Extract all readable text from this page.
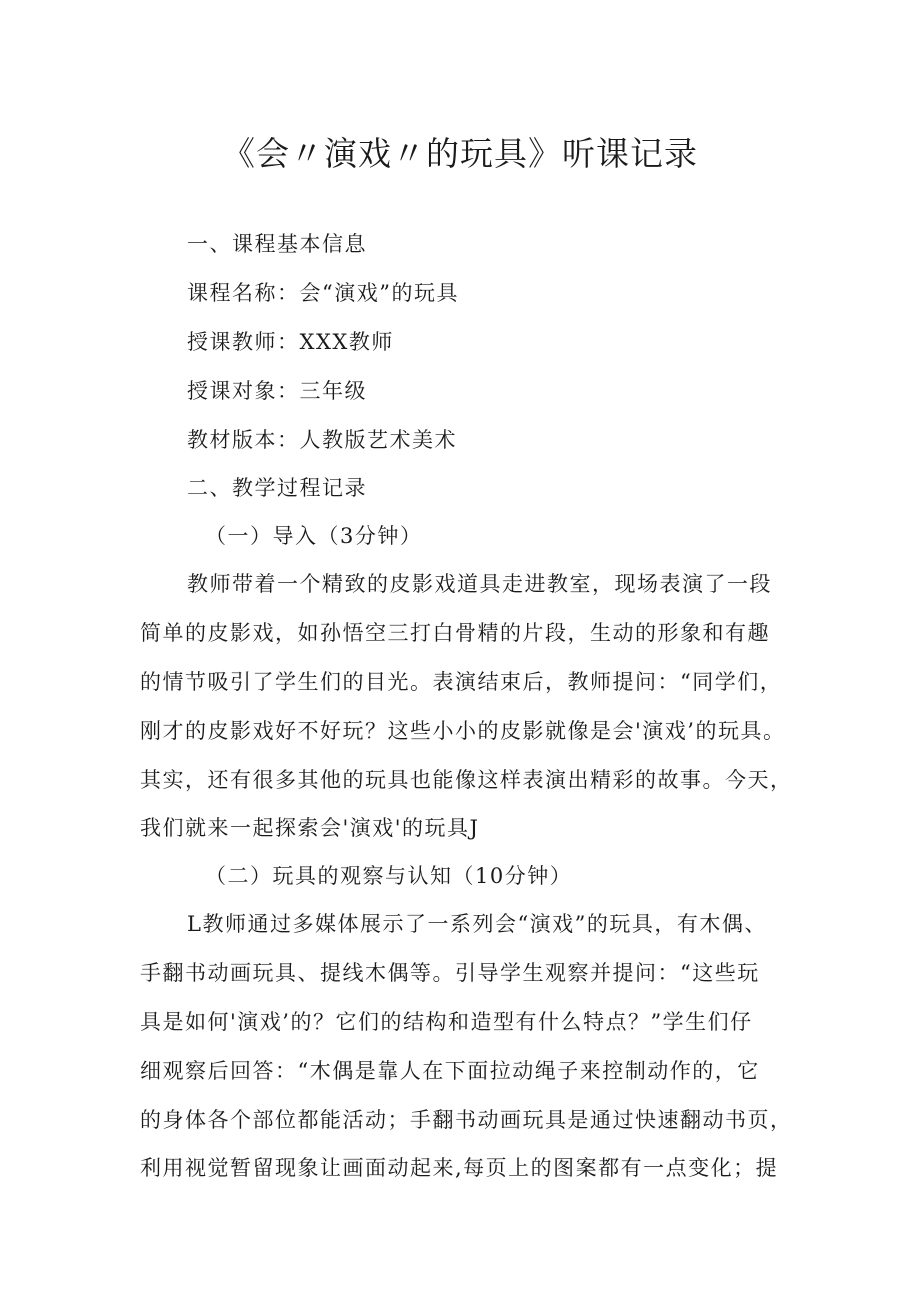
《会〃演戏〃的玩具》听课记录

一、课程基本信息

课程名称：会“演戏”的玩具

授课教师：XXX教师

授课对象：三年级

教材版本：人教版艺术美术

二、教学过程记录

（一）导入（3分钟）

教师带着一个精致的皮影戏道具走进教室，现场表演了一段

简单的皮影戏，如孙悟空三打白骨精的片段，生动的形象和有趣

的情节吸引了学生们的目光。表演结束后，教师提问：“同学们，

刚才的皮影戏好不好玩？这些小小的皮影就像是会'演戏’的玩具。

其实，还有很多其他的玩具也能像这样表演出精彩的故事。今天，

我们就来一起探索会'演戏'的玩具J

（二）玩具的观察与认知（10分钟）

L教师通过多媒体展示了一系列会“演戏”的玩具，有木偶、

手翻书动画玩具、提线木偶等。引导学生观察并提问：“这些玩

具是如何'演戏’的？它们的结构和造型有什么特点？”学生们仔

细观察后回答：“木偶是靠人在下面拉动绳子来控制动作的，它

的身体各个部位都能活动；手翻书动画玩具是通过快速翻动书页，

利用视觉暂留现象让画面动起来,每页上的图案都有一点变化；提
